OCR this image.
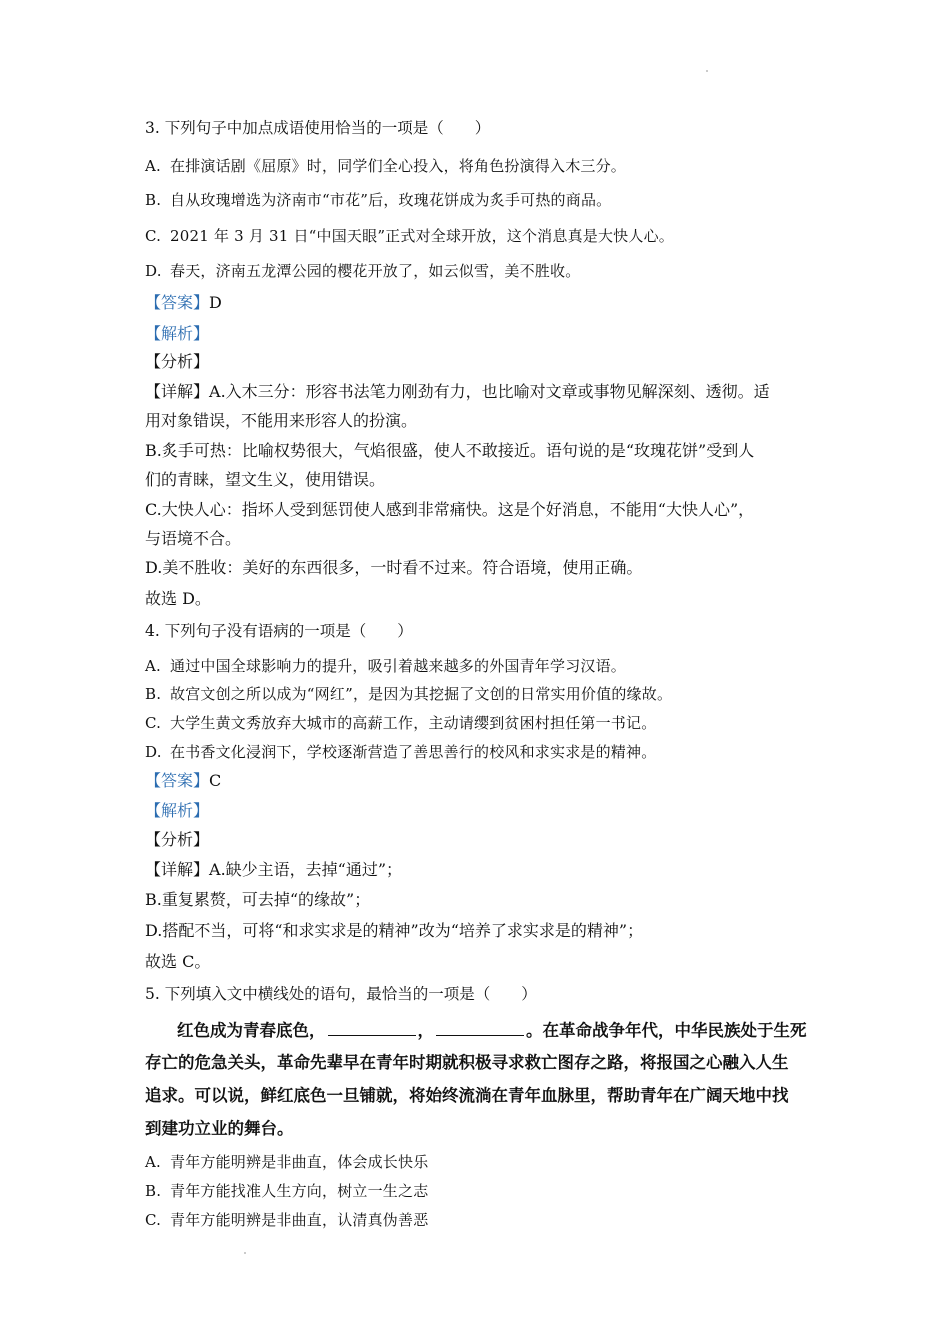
3. 下列句子中加点成语使用恰当的一项是（　　）
A. 在排演话剧《屈原》时，同学们全心投入，将角色扮演得入木三分。
B. 自从玫瑰增选为济南市“市花”后，玫瑰花饼成为炙手可热的商品。
C. 2021 年 3 月 31 日“中国天眼”正式对全球开放，这个消息真是大快人心。
D. 春天，济南五龙潭公园的樱花开放了，如云似雪，美不胜收。
【答案】D
【解析】
【分析】
【详解】A.入木三分：形容书法笔力刚劲有力，也比喻对文章或事物见解深刻、透彻。适
用对象错误，不能用来形容人的扮演。
B.炙手可热：比喻权势很大，气焰很盛，使人不敢接近。语句说的是“玫瑰花饼”受到人
们的青睐，望文生义，使用错误。
C.大快人心：指坏人受到惩罚使人感到非常痛快。这是个好消息，不能用“大快人心”，
与语境不合。
D.美不胜收：美好的东西很多，一时看不过来。符合语境，使用正确。
故选 D。
4. 下列句子没有语病的一项是（　　）
A. 通过中国全球影响力的提升，吸引着越来越多的外国青年学习汉语。
B. 故宫文创之所以成为“网红”，是因为其挖掘了文创的日常实用价值的缘故。
C. 大学生黄文秀放弃大城市的高薪工作，主动请缨到贫困村担任第一书记。
D. 在书香文化浸润下，学校逐渐营造了善思善行的校风和求实求是的精神。
【答案】C
【解析】
【分析】
【详解】A.缺少主语，去掉“通过”；
B.重复累赘，可去掉“的缘故”；
D.搭配不当，可将“和求实求是的精神”改为“培养了求实求是的精神”；
故选 C。
5. 下列填入文中横线处的语句，最恰当的一项是（　　）
红色成为青春底色，	，	。在革命战争年代，中华民族处于生死
存亡的危急关头，革命先辈早在青年时期就积极寻求救亡图存之路，将报国之心融入人生
追求。可以说，鲜红底色一旦铺就，将始终流淌在青年血脉里，帮助青年在广阔天地中找
到建功立业的舞台。
A. 青年方能明辨是非曲直，体会成长快乐
B. 青年方能找准人生方向，树立一生之志
C. 青年方能明辨是非曲直，认清真伪善恶
